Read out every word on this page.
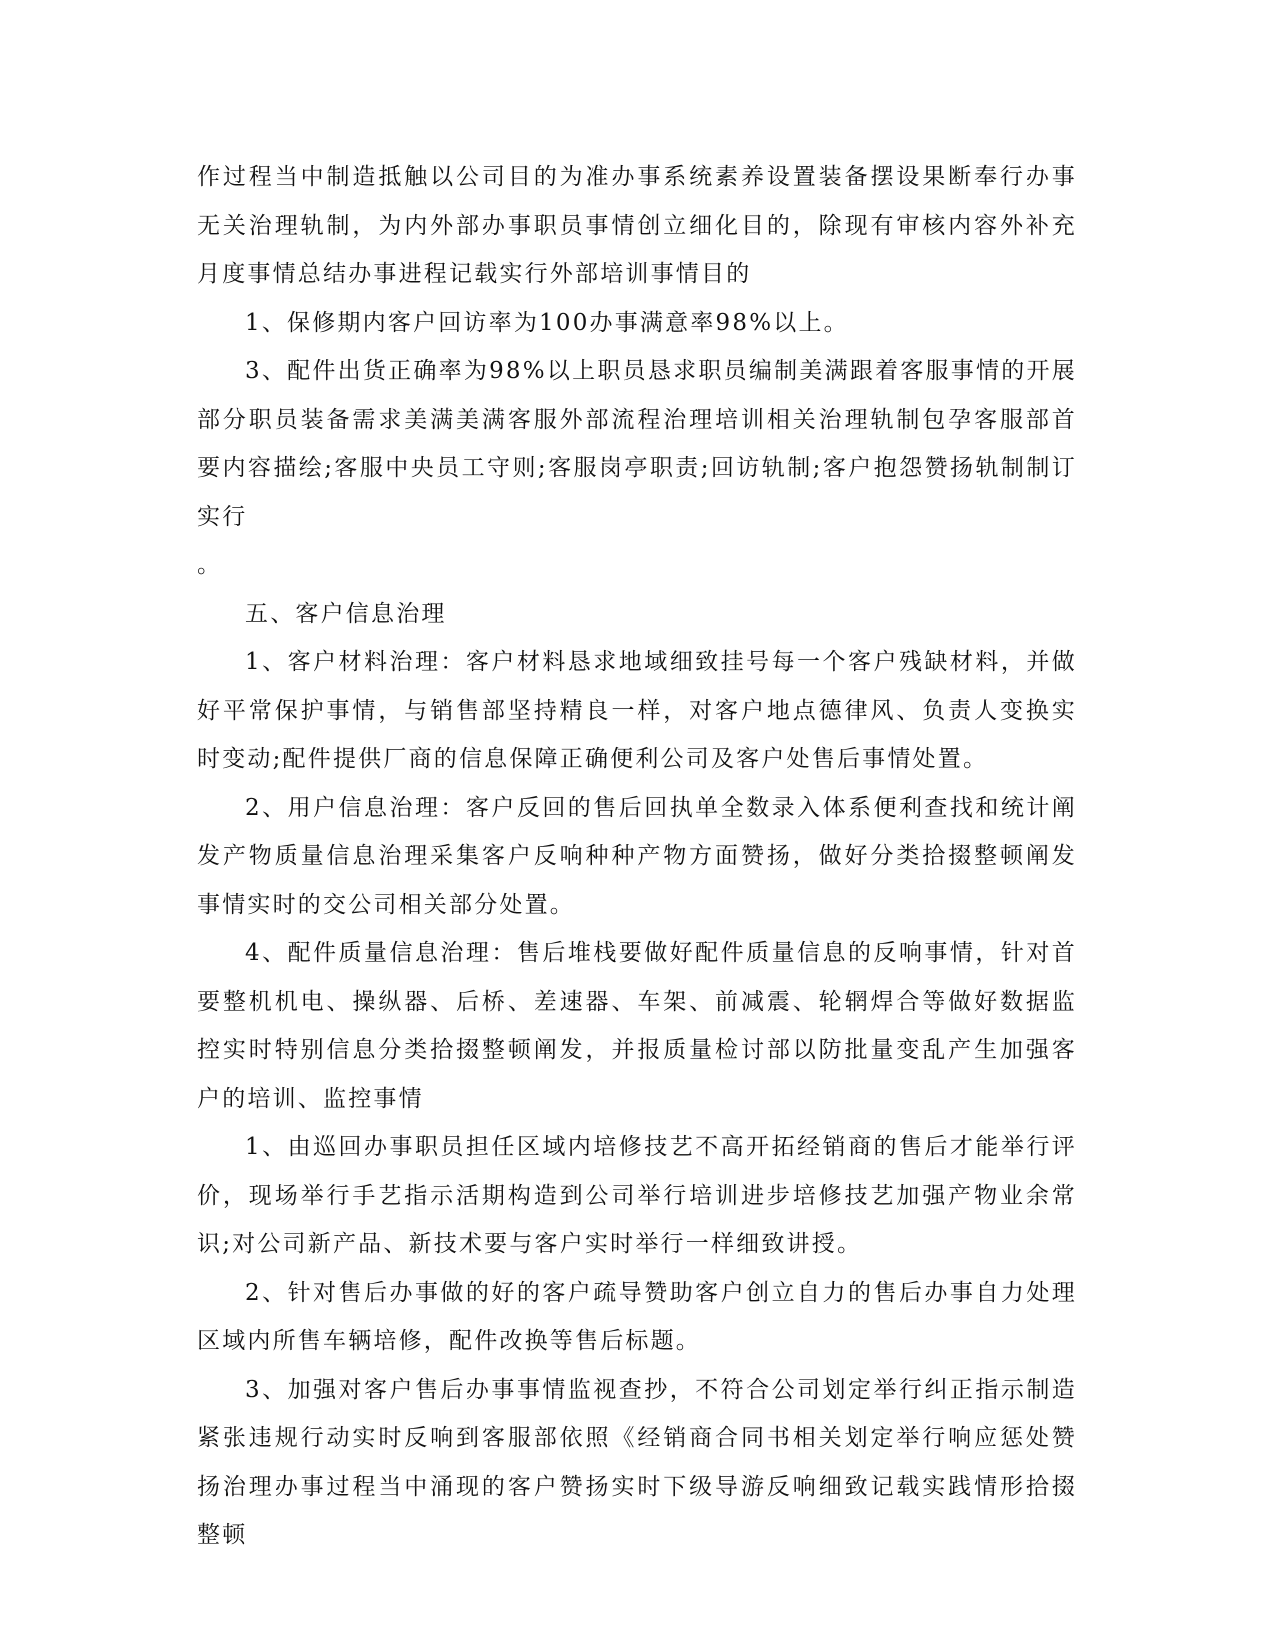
作过程当中制造抵触以公司目的为准办事系统素养设置装备摆设果断奉行办事无关治理轨制，为内外部办事职员事情创立细化目的，除现有审核内容外补充月度事情总结办事进程记载实行外部培训事情目的

1、保修期内客户回访率为100办事满意率98%以上。

3、配件出货正确率为98%以上职员恳求职员编制美满跟着客服事情的开展部分职员装备需求美满美满客服外部流程治理培训相关治理轨制包孕客服部首要内容描绘;客服中央员工守则;客服岗亭职责;回访轨制;客户抱怨赞扬轨制制订实行

。

五、客户信息治理

1、客户材料治理：客户材料恳求地域细致挂号每一个客户残缺材料，并做好平常保护事情，与销售部坚持精良一样，对客户地点德律风、负责人变换实时变动;配件提供厂商的信息保障正确便利公司及客户处售后事情处置。

2、用户信息治理：客户反回的售后回执单全数录入体系便利查找和统计阐发产物质量信息治理采集客户反响种种产物方面赞扬，做好分类拾掇整顿阐发事情实时的交公司相关部分处置。

4、配件质量信息治理：售后堆栈要做好配件质量信息的反响事情，针对首要整机机电、操纵器、后桥、差速器、车架、前减震、轮辋焊合等做好数据监控实时特别信息分类拾掇整顿阐发，并报质量检讨部以防批量变乱产生加强客户的培训、监控事情

1、由巡回办事职员担任区域内培修技艺不高开拓经销商的售后才能举行评价，现场举行手艺指示活期构造到公司举行培训进步培修技艺加强产物业余常识;对公司新产品、新技术要与客户实时举行一样细致讲授。

2、针对售后办事做的好的客户疏导赞助客户创立自力的售后办事自力处理区域内所售车辆培修，配件改换等售后标题。

3、加强对客户售后办事事情监视查抄，不符合公司划定举行纠正指示制造紧张违规行动实时反响到客服部依照《经销商合同书相关划定举行响应惩处赞扬治理办事过程当中涌现的客户赞扬实时下级导游反响细致记载实践情形拾掇整顿
